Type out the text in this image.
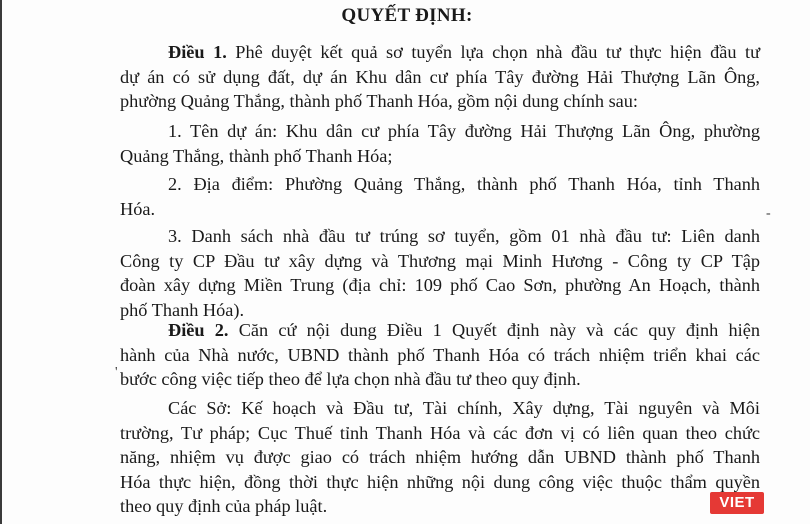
QUYẾT ĐỊNH:
Điều 1. Phê duyệt kết quả sơ tuyển lựa chọn nhà đầu tư thực hiện đầu tư
dự án có sử dụng đất, dự án Khu dân cư phía Tây đường Hải Thượng Lãn Ông,
phường Quảng Thắng, thành phố Thanh Hóa, gồm nội dung chính sau:
1. Tên dự án: Khu dân cư phía Tây đường Hải Thượng Lãn Ông, phường
Quảng Thắng, thành phố Thanh Hóa;
2. Địa điểm: Phường Quảng Thắng, thành phố Thanh Hóa, tỉnh Thanh
Hóa.
3. Danh sách nhà đầu tư trúng sơ tuyển, gồm 01 nhà đầu tư: Liên danh
Công ty CP Đầu tư xây dựng và Thương mại Minh Hương - Công ty CP Tập
đoàn xây dựng Miền Trung (địa chỉ: 109 phố Cao Sơn, phường An Hoạch, thành
phố Thanh Hóa).
Điều 2. Căn cứ nội dung Điều 1 Quyết định này và các quy định hiện
hành của Nhà nước, UBND thành phố Thanh Hóa có trách nhiệm triển khai các
bước công việc tiếp theo để lựa chọn nhà đầu tư theo quy định.
Các Sở: Kế hoạch và Đầu tư, Tài chính, Xây dựng, Tài nguyên và Môi
trường, Tư pháp; Cục Thuế tỉnh Thanh Hóa và các đơn vị có liên quan theo chức
năng, nhiệm vụ được giao có trách nhiệm hướng dẫn UBND thành phố Thanh
Hóa thực hiện, đồng thời thực hiện những nội dung công việc thuộc thẩm quyền
theo quy định của pháp luật.
'
-
VIET
